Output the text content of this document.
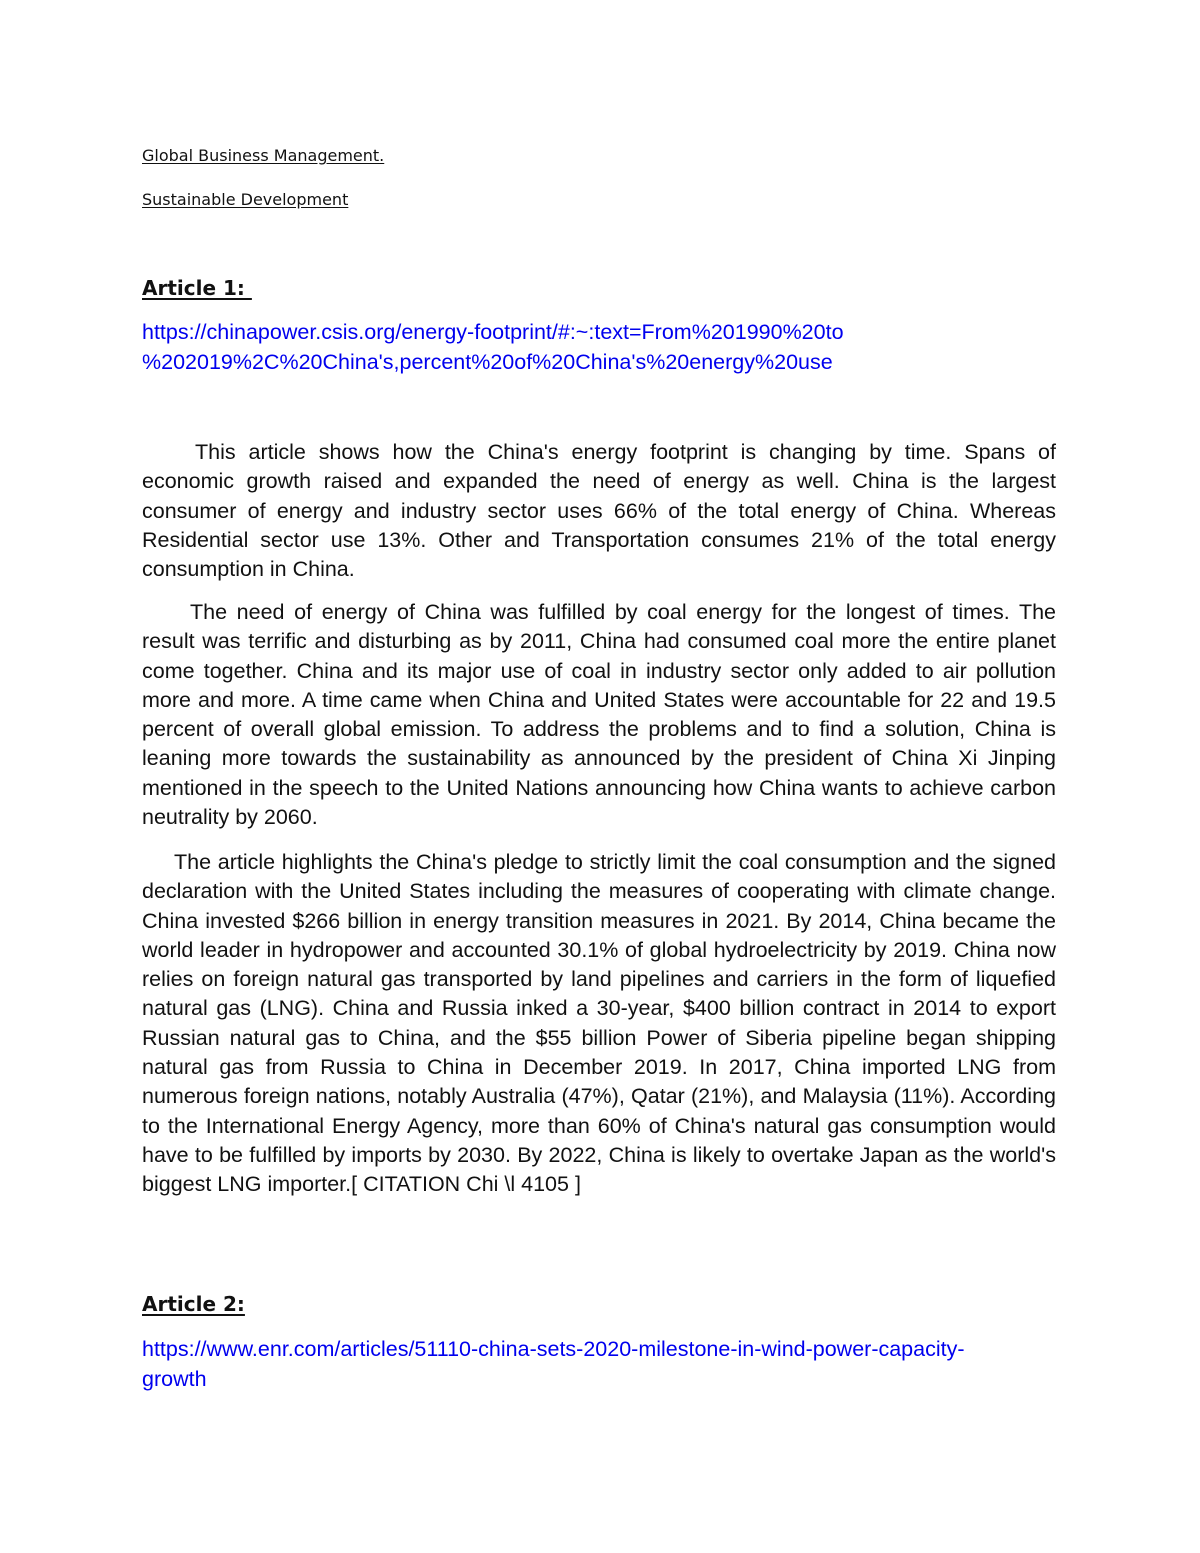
Global Business Management.
Sustainable Development
Article 1:
https://chinapower.csis.org/energy-footprint/#:~:text=From%201990%20to
%202019%2C%20China's,percent%20of%20China's%20energy%20use

This article shows how the China's energy footprint is changing by time. Spans of economic growth raised and expanded the need of energy as well. China is the largest consumer of energy and industry sector uses 66% of the total energy of China. Whereas Residential sector use 13%. Other and Transportation consumes 21% of the total energy consumption in China.

The need of energy of China was fulfilled by coal energy for the longest of times. The result was terrific and disturbing as by 2011, China had consumed coal more the entire planet come together. China and its major use of coal in industry sector only added to air pollution more and more. A time came when China and United States were accountable for 22 and 19.5 percent of overall global emission. To address the problems and to find a solution, China is leaning more towards the sustainability as announced by the president of China Xi Jinping mentioned in the speech to the United Nations announcing how China wants to achieve carbon neutrality by 2060.

The article highlights the China's pledge to strictly limit the coal consumption and the signed declaration with the United States including the measures of cooperating with climate change. China invested $266 billion in energy transition measures in 2021. By 2014, China became the world leader in hydropower and accounted 30.1% of global hydroelectricity by 2019. China now relies on foreign natural gas transported by land pipelines and carriers in the form of liquefied natural gas (LNG). China and Russia inked a 30-year, $400 billion contract in 2014 to export Russian natural gas to China, and the $55 billion Power of Siberia pipeline began shipping natural gas from Russia to China in December 2019. In 2017, China imported LNG from numerous foreign nations, notably Australia (47%), Qatar (21%), and Malaysia (11%). According to the International Energy Agency, more than 60% of China's natural gas consumption would have to be fulfilled by imports by 2030. By 2022, China is likely to overtake Japan as the world's biggest LNG importer.[ CITATION Chi \l 4105 ]

Article 2:
https://www.enr.com/articles/51110-china-sets-2020-milestone-in-wind-power-capacity-
growth
